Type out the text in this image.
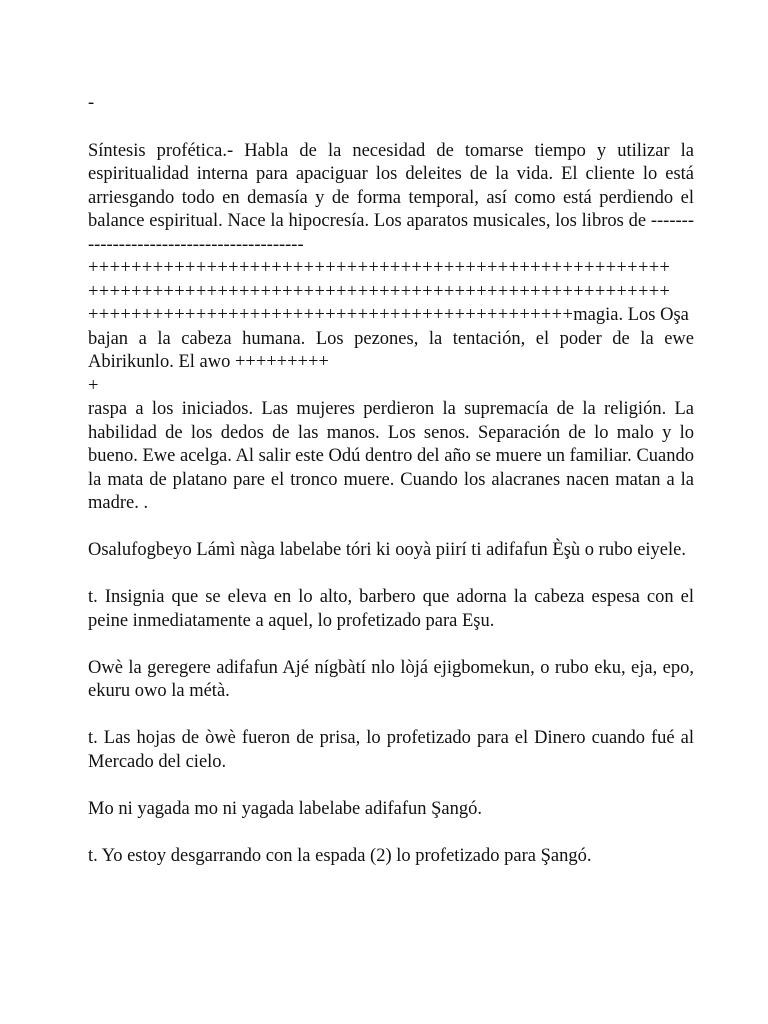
-
Síntesis profética.- Habla de la necesidad de tomarse tiempo y utilizar la espiritualidad interna para apaciguar los deleites de la vida. El cliente lo está arriesgando todo en demasía y de forma temporal, así como está perdiendo el balance espiritual. Nace la hipocresía. Los aparatos musicales, los libros de ------------------------------------------
++++++++++++++++++++++++++++++++++++++++++++++++++++++
++++++++++++++++++++++++++++++++++++++++++++++++++++++
+++++++++++++++++++++++++++++++++++++++++++++magia. Los Oşa
bajan a la cabeza humana. Los pezones, la tentación, el poder de la ewe Abirikunlo. El awo +++++++++
+
raspa a los iniciados. Las mujeres perdieron la supremacía de la religión. La habilidad de los dedos de las manos. Los senos. Separación de lo malo y lo bueno. Ewe acelga. Al salir este Odú dentro del año se muere un familiar. Cuando la mata de platano pare el tronco muere. Cuando los alacranes nacen matan a la madre. .
Osalufogbeyo Lámì nàga labelabe tóri ki ooyà piirí ti adifafun Èşù o rubo eiyele.
t. Insignia que se eleva en lo alto, barbero que adorna la cabeza espesa con el peine inmediatamente a aquel, lo profetizado para Eşu.
Owè la geregere adifafun Ajé nígbàtí nlo lòjá ejigbomekun, o rubo eku, eja, epo, ekuru owo la métà.
t. Las hojas de òwè fueron de prisa, lo profetizado para el Dinero cuando fué al Mercado del cielo.
Mo ni yagada mo ni yagada labelabe adifafun Şangó.
t. Yo estoy desgarrando con la espada (2) lo profetizado para Şangó.
